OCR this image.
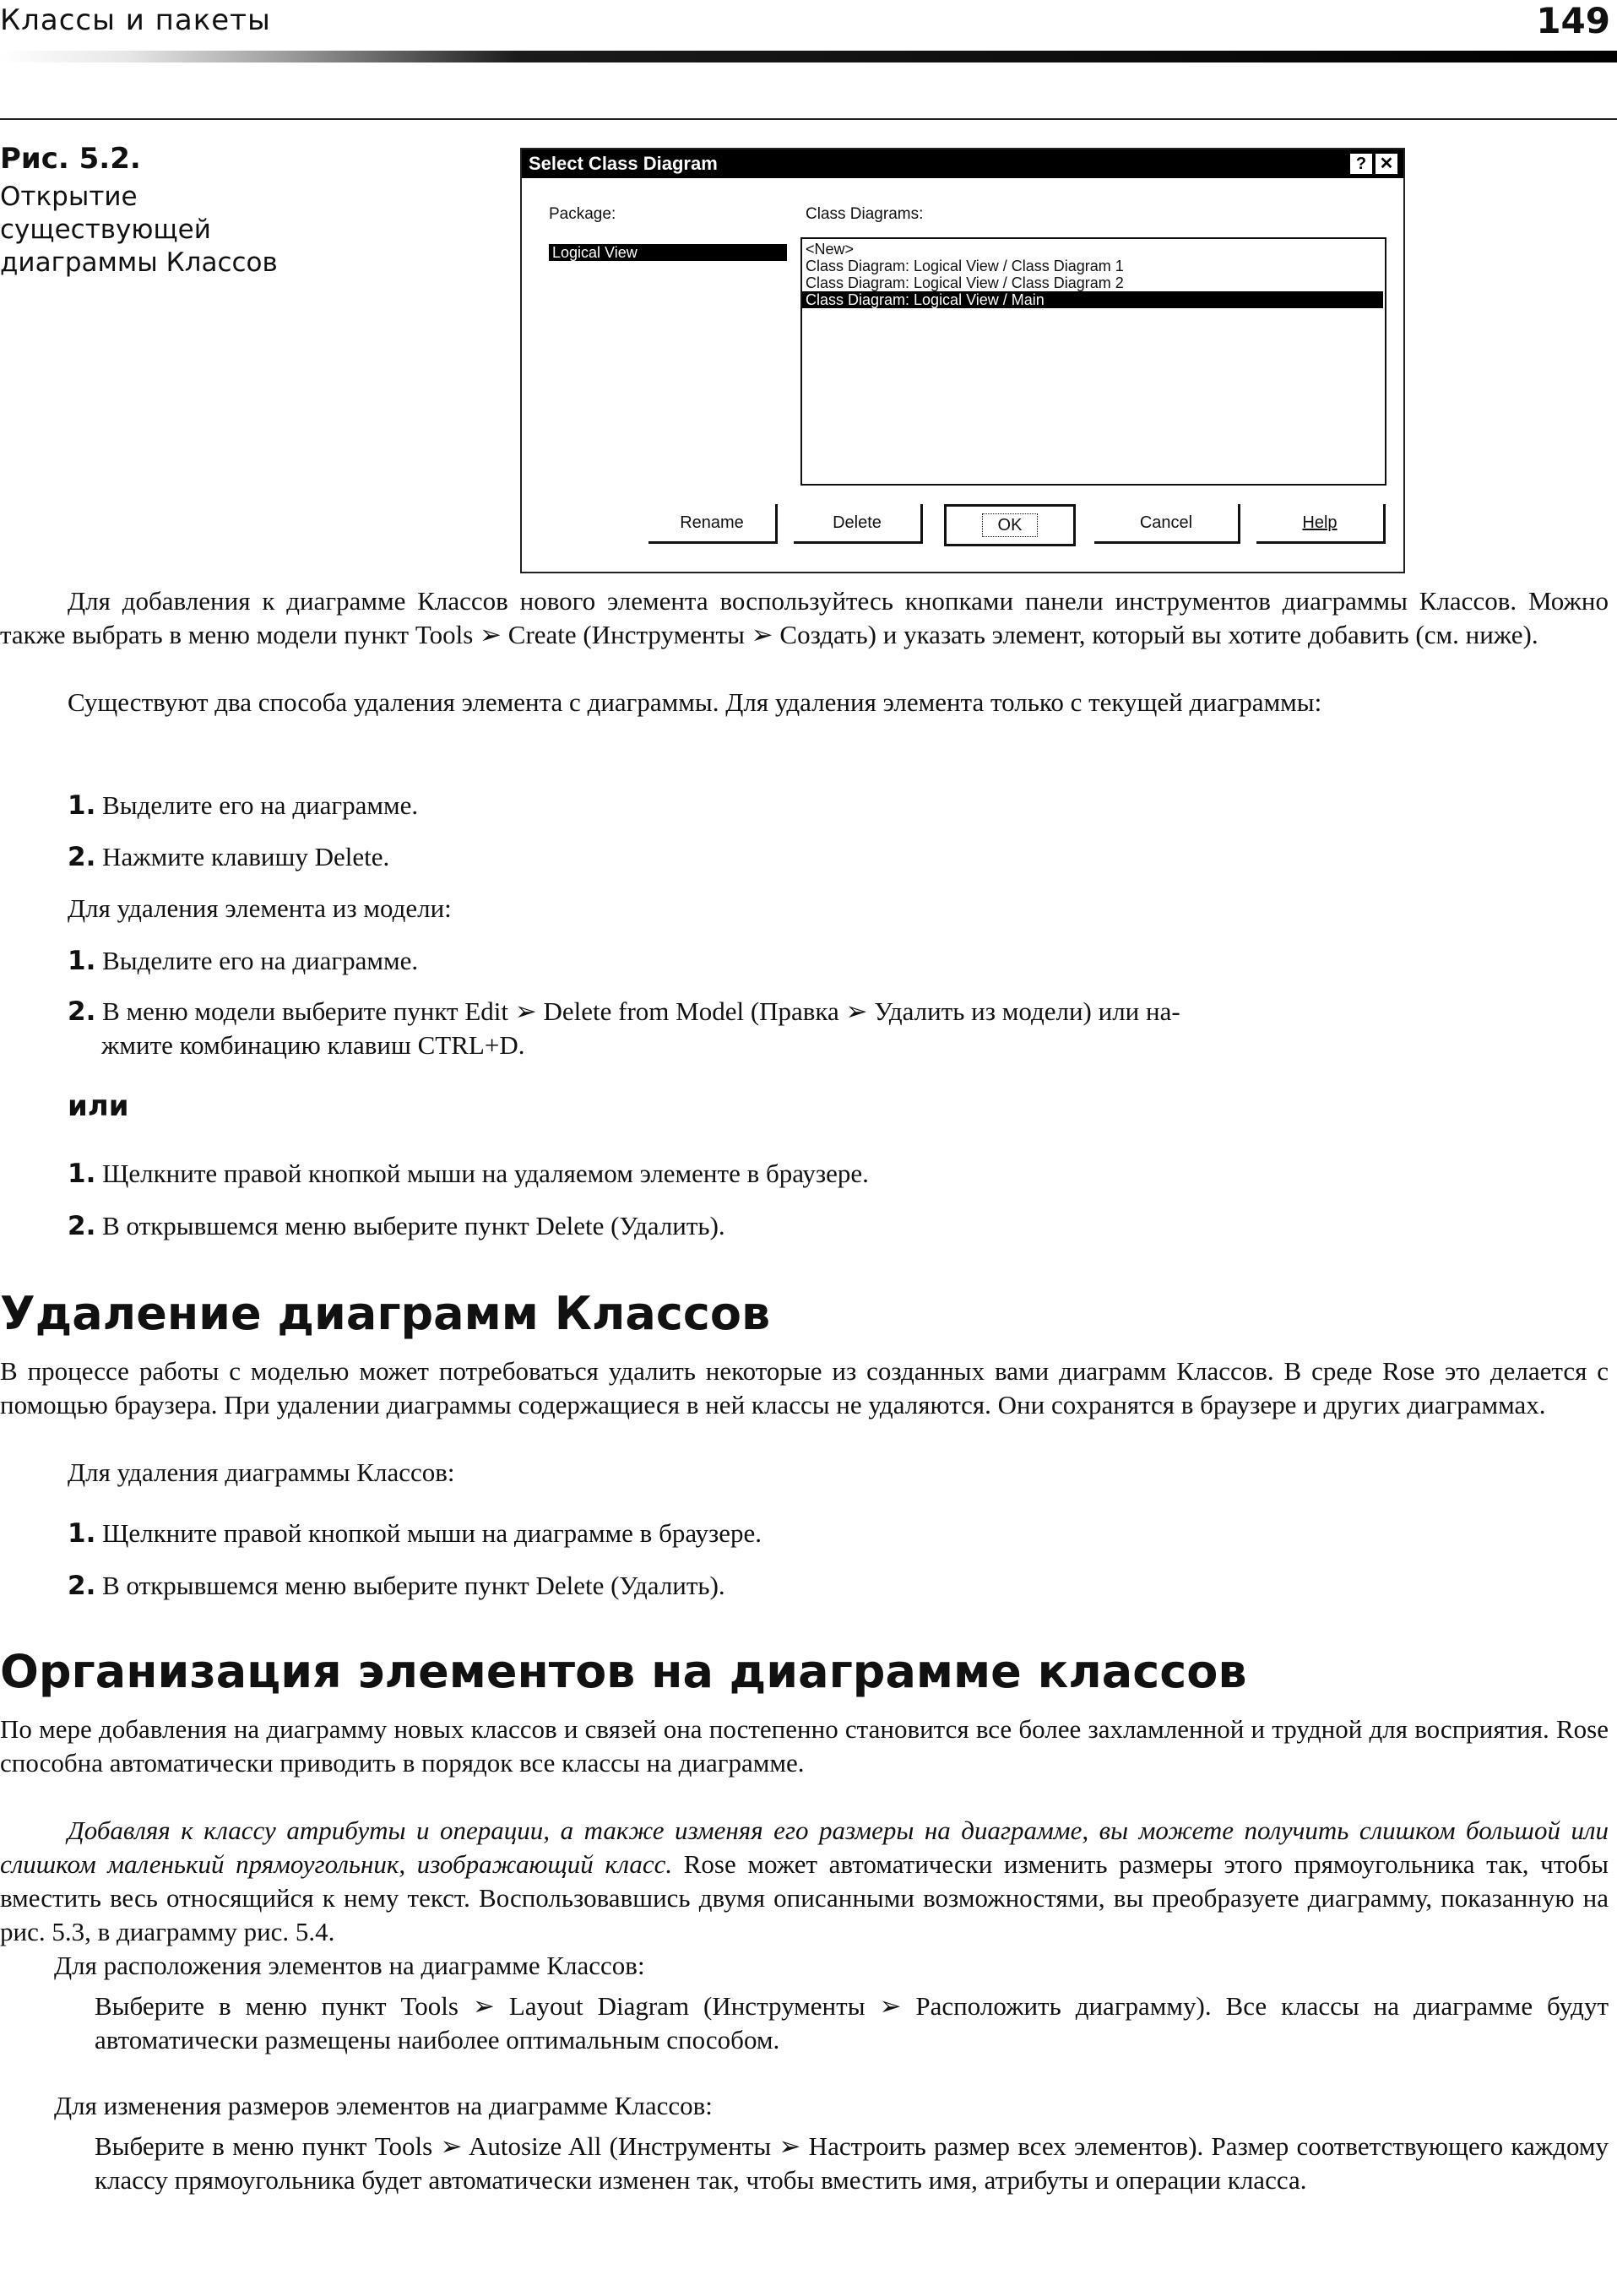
Классы и пакеты	149
Рис. 5.2.
Открытие
существующей
диаграммы Классов
Select Class Diagram	? ✕
Package:	Class Diagrams:
Logical View	<New>
Class Diagram: Logical View / Class Diagram 1
Class Diagram: Logical View / Class Diagram 2
Class Diagram: Logical View / Main
Rename	Delete	OK	Cancel	Help

Для добавления к диаграмме Классов нового элемента воспользуйтесь кнопками панели инструментов диаграммы Классов. Можно также выбрать в меню модели пункт Tools ➢ Create (Инструменты ➢ Создать) и указать элемент, который вы хотите добавить (см. ниже).

Существуют два способа удаления элемента с диаграммы. Для удаления элемента только с текущей диаграммы:

1. Выделите его на диаграмме.
2. Нажмите клавишу Delete.

Для удаления элемента из модели:

1. Выделите его на диаграмме.
2. В меню модели выберите пункт Edit ➢ Delete from Model (Правка ➢ Удалить из модели) или на-
жмите комбинацию клавиш CTRL+D.
или
1. Щелкните правой кнопкой мыши на удаляемом элементе в браузере.
2. В открывшемся меню выберите пункт Delete (Удалить).
Удаление диаграмм Классов

В процессе работы с моделью может потребоваться удалить некоторые из созданных вами диаграмм Классов. В среде Rose это делается с помощью браузера. При удалении диаграммы содержащиеся в ней классы не удаляются. Они сохранятся в браузере и других диаграммах.

Для удаления диаграммы Классов:

1. Щелкните правой кнопкой мыши на диаграмме в браузере.
2. В открывшемся меню выберите пункт Delete (Удалить).
Организация элементов на диаграмме классов

По мере добавления на диаграмму новых классов и связей она постепенно становится все более захламленной и трудной для восприятия. Rose способна автоматически приводить в порядок все классы на диаграмме.

Добавляя к классу атрибуты и операции, а также изменяя его размеры на диаграмме, вы можете получить слишком большой или слишком маленький прямоугольник, изображающий класс. Rose может автоматически изменить размеры этого прямоугольника так, чтобы вместить весь относящийся к нему текст. Воспользовавшись двумя описанными возможностями, вы преобразуете диаграмму, показанную на рис. 5.3, в диаграмму рис. 5.4.

Для расположения элементов на диаграмме Классов:

Выберите в меню пункт Tools ➢ Layout Diagram (Инструменты ➢ Расположить диаграмму). Все классы на диаграмме будут автоматически размещены наиболее оптимальным способом.

Для изменения размеров элементов на диаграмме Классов:

Выберите в меню пункт Tools ➢ Autosize All (Инструменты ➢ Настроить размер всех элементов). Размер соответствующего каждому классу прямоугольника будет автоматически изменен так, чтобы вместить имя, атрибуты и операции класса.
